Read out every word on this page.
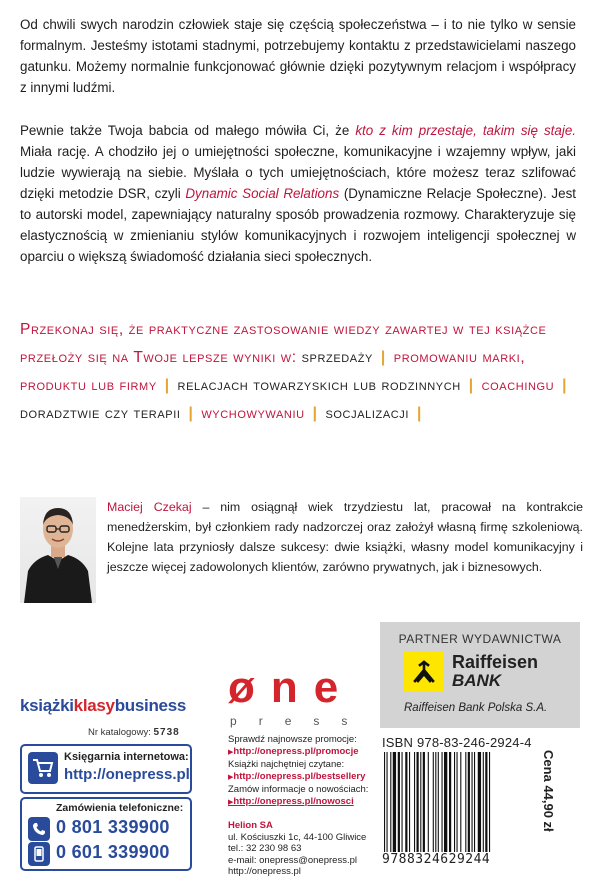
Od chwili swych narodzin człowiek staje się częścią społeczeństwa – i to nie tylko w sensie formalnym. Jesteśmy istotami stadnymi, potrzebujemy kontaktu z przedstawicielami naszego gatunku. Możemy normalnie funkcjonować głównie dzięki pozytywnym relacjom i współpracy z innymi ludźmi.

Pewnie także Twoja babcia od małego mówiła Ci, że kto z kim przestaje, takim się staje. Miała rację. A chodziło jej o umiejętności społeczne, komunikacyjne i wzajemny wpływ, jaki ludzie wywierają na siebie. Myślała o tych umiejętnościach, które możesz teraz szlifować dzięki metodzie DSR, czyli Dynamic Social Relations (Dynamiczne Relacje Społeczne). Jest to autorski model, zapewniający naturalny sposób prowadzenia rozmowy. Charakteryzuje się elastycznością w zmienianiu stylów komunikacyjnych i rozwojem inteligencji społecznej w oparciu o większą świadomość działania sieci społecznych.

Przekonaj się, że praktyczne zastosowanie wiedzy zawartej w tej książce przełoży się na Twoje lepsze wyniki w: sprzedaży | promowaniu marki, produktu lub firmy | relacjach towarzyskich lub rodzinnych | coachingu | doradztwie czy terapii | wychowywaniu | socjalizacji |

Maciej Czekaj – nim osiągnął wiek trzydziestu lat, pracował na kontrakcie menedżerskim, był członkiem rady nadzorczej oraz założył własną firmę szkoleniową. Kolejne lata przyniosły dalsze sukcesy: dwie książki, własny model komunikacyjny i jeszcze więcej zadowolonych klientów, zarówno prywatnych, jak i biznesowych.

PARTNER WYDAWNICTWA
Raiffeisen
BANK
Raiffeisen Bank Polska S.A.
ø n e
p r e s s
książkiklasybusiness
Nr katalogowy: 5738
Księgarnia internetowa:
http://onepress.pl
Zamówienia telefoniczne:
0 801 339900
0 601 339900
Sprawdź najnowsze promocje:
▶ http://onepress.pl/promocje
Książki najchętniej czytane:
▶ http://onepress.pl/bestsellery
Zamów informacje o nowościach:
▶ http://onepress.pl/nowosci
Helion SA
ul. Kościuszki 1c, 44-100 Gliwice
tel.: 32 230 98 63
e-mail: onepress@onepress.pl
http://onepress.pl
ISBN 978-83-246-2924-4
9788324629244
Cena 44,90 zł
